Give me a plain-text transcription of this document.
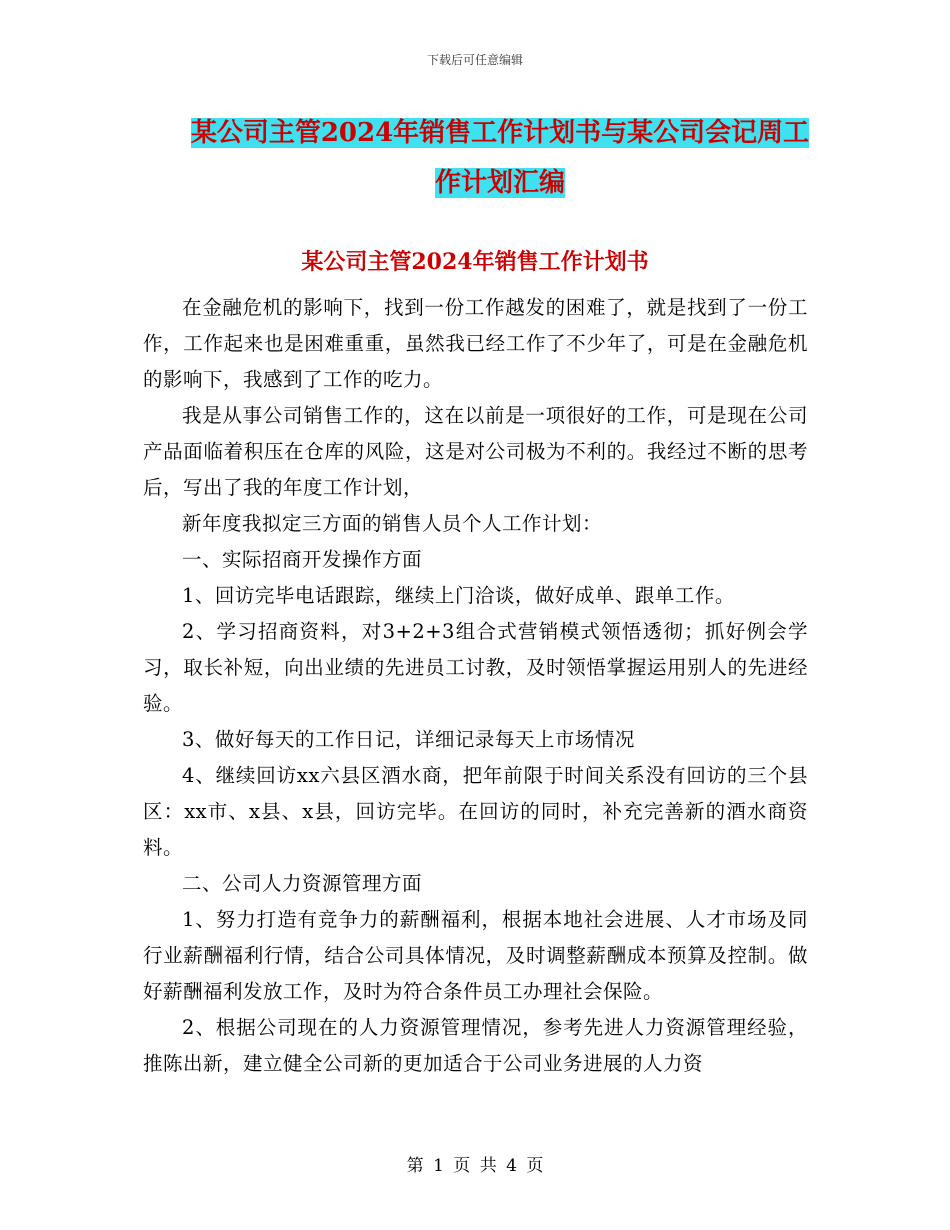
下载后可任意编辑
某公司主管2024年销售工作计划书与某公司会记周工
作计划汇编
某公司主管2024年销售工作计划书

在金融危机的影响下，找到一份工作越发的困难了，就是找到了一份工作，工作起来也是困难重重，虽然我已经工作了不少年了，可是在金融危机的影响下，我感到了工作的吃力。

我是从事公司销售工作的，这在以前是一项很好的工作，可是现在公司产品面临着积压在仓库的风险，这是对公司极为不利的。我经过不断的思考后，写出了我的年度工作计划，

新年度我拟定三方面的销售人员个人工作计划：

一、实际招商开发操作方面

1、回访完毕电话跟踪，继续上门洽谈，做好成单、跟单工作。

2、学习招商资料，对3+2+3组合式营销模式领悟透彻；抓好例会学习，取长补短，向出业绩的先进员工讨教，及时领悟掌握运用别人的先进经验。

3、做好每天的工作日记，详细记录每天上市场情况

4、继续回访xx六县区酒水商，把年前限于时间关系没有回访的三个县区：xx市、x县、x县，回访完毕。在回访的同时，补充完善新的酒水商资料。

二、公司人力资源管理方面

1、努力打造有竞争力的薪酬福利，根据本地社会进展、人才市场及同行业薪酬福利行情，结合公司具体情况，及时调整薪酬成本预算及控制。做好薪酬福利发放工作，及时为符合条件员工办理社会保险。

2、根据公司现在的人力资源管理情况，参考先进人力资源管理经验，推陈出新，建立健全公司新的更加适合于公司业务进展的人力资

第 1 页 共 4 页
